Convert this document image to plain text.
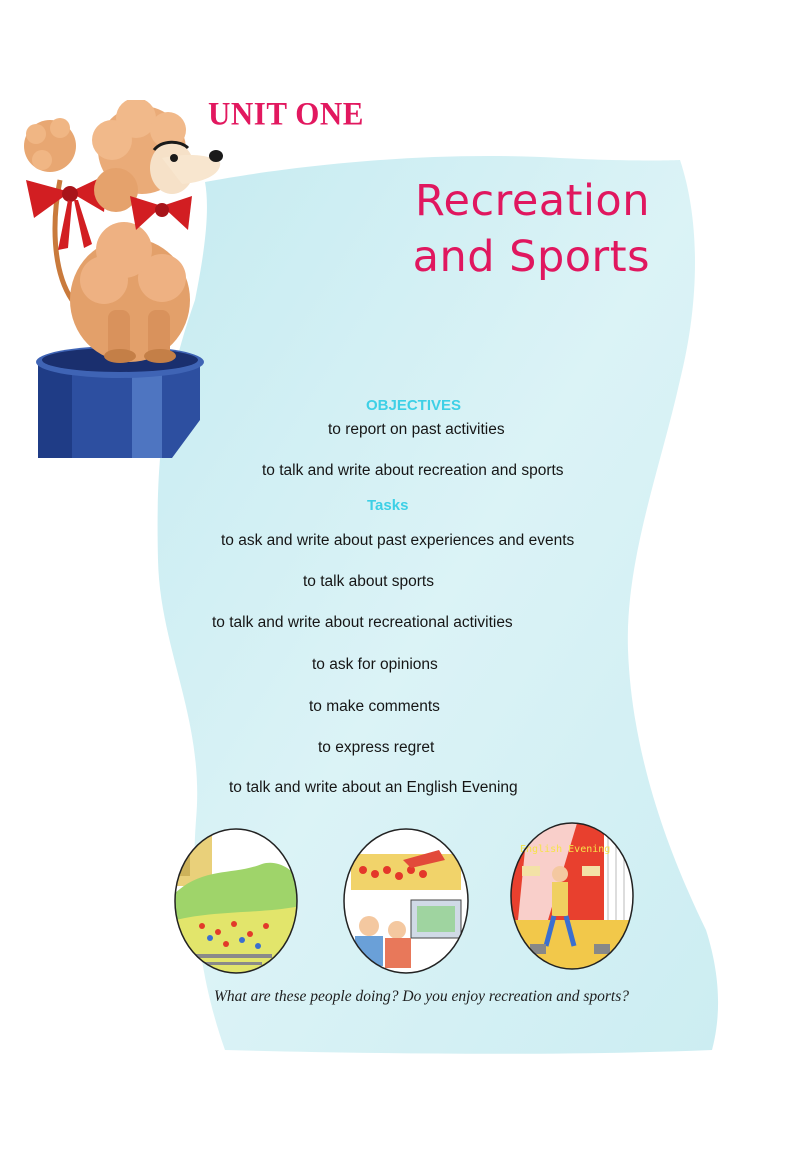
UNIT ONE
Recreation
and Sports
OBJECTIVES
to report on past activities
to talk and write about recreation and sports
Tasks
to ask and write about past experiences and events
to talk about sports
to talk and write about recreational activities
to ask for opinions
to make comments
to express regret
to talk and write about an English Evening
English Evening
What are these people doing? Do you enjoy recreation and sports?
